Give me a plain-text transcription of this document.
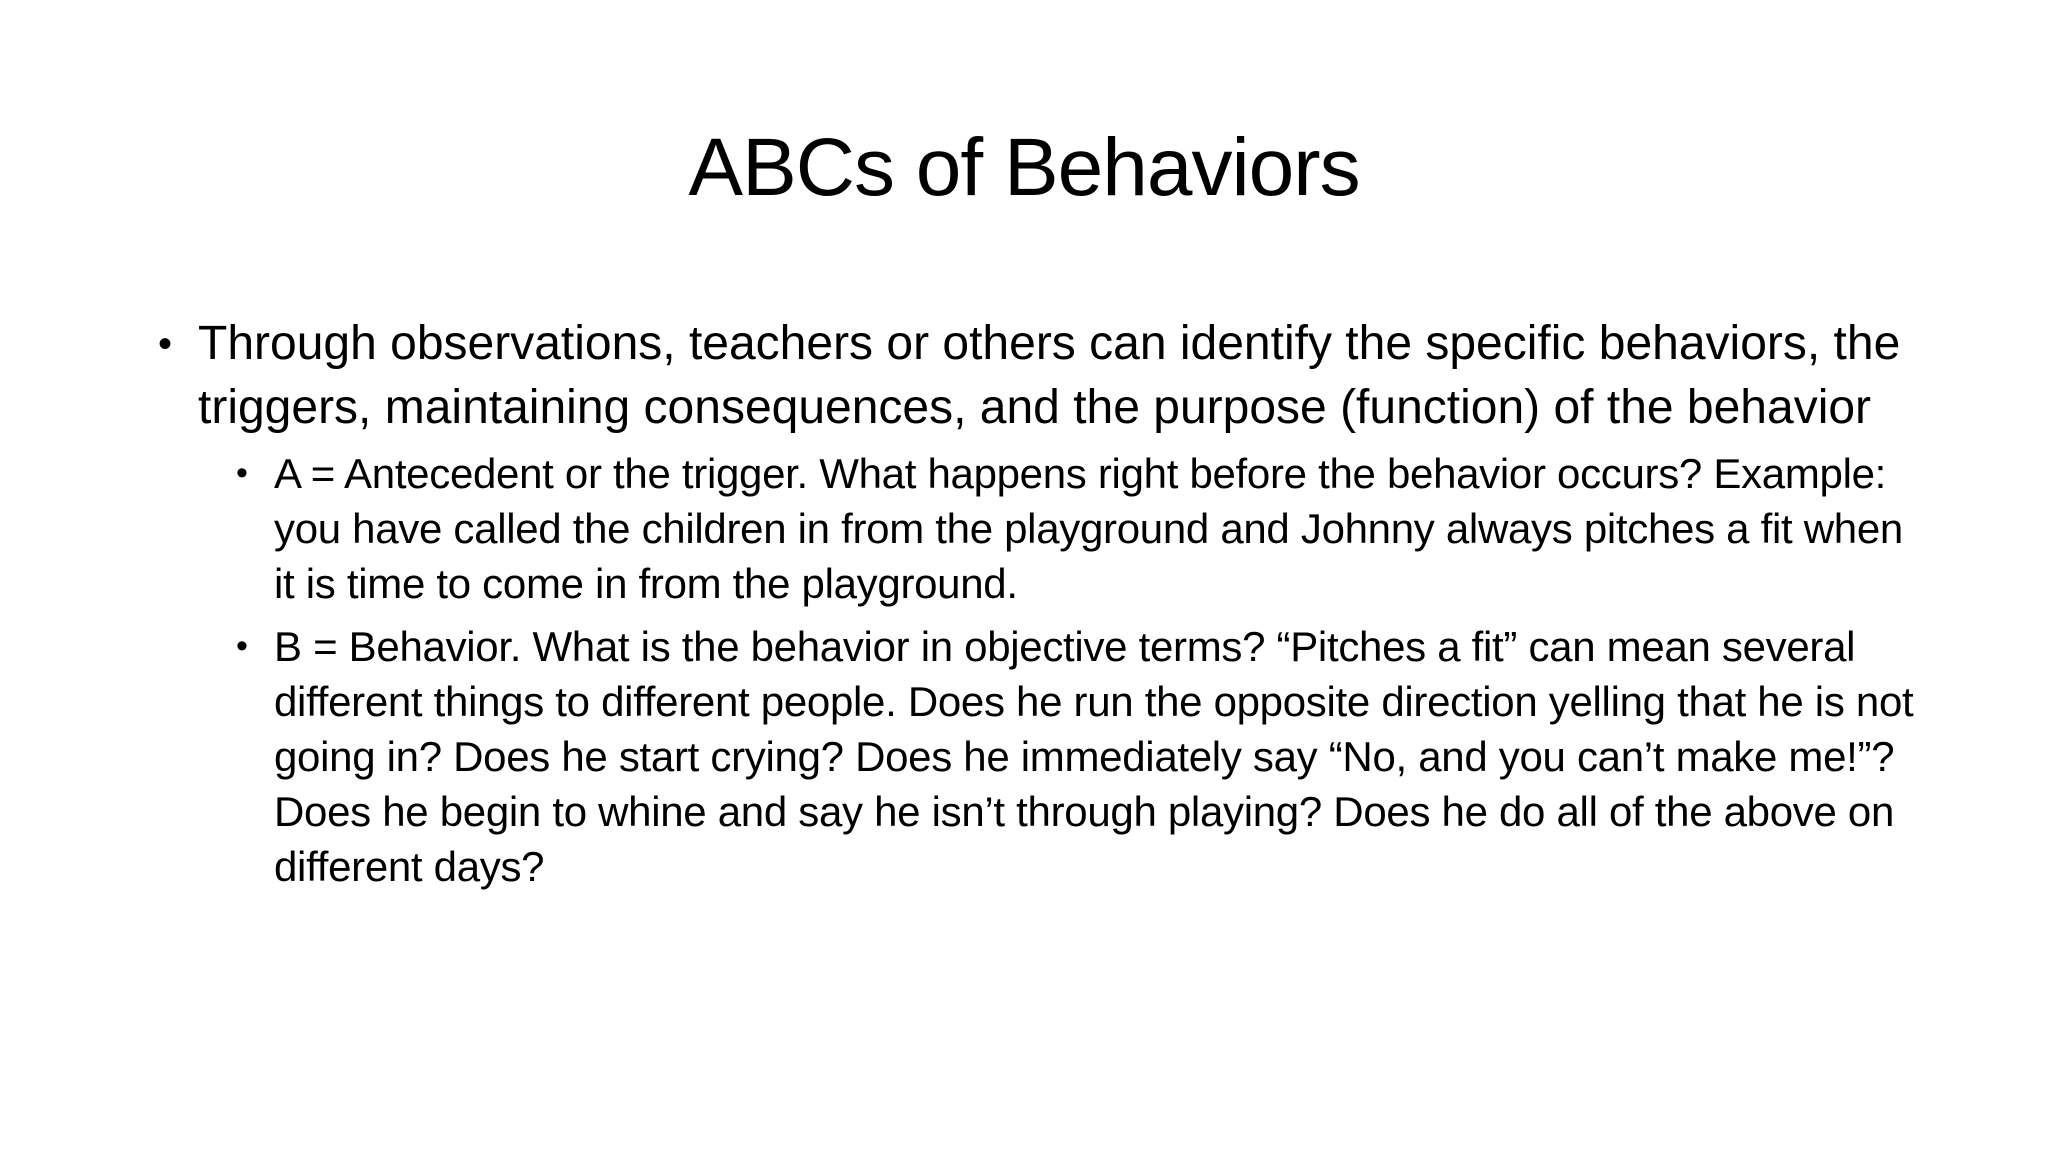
ABCs of Behaviors
• Through observations, teachers or others can identify the specific behaviors, the triggers, maintaining consequences, and the purpose (function) of the behavior
• A = Antecedent or the trigger. What happens right before the behavior occurs? Example: you have called the children in from the playground and Johnny always pitches a fit when it is time to come in from the playground.
• B = Behavior. What is the behavior in objective terms? “Pitches a fit” can mean several different things to different people. Does he run the opposite direction yelling that he is not going in? Does he start crying? Does he immediately say “No, and you can’t make me!”? Does he begin to whine and say he isn’t through playing? Does he do all of the above on different days?
